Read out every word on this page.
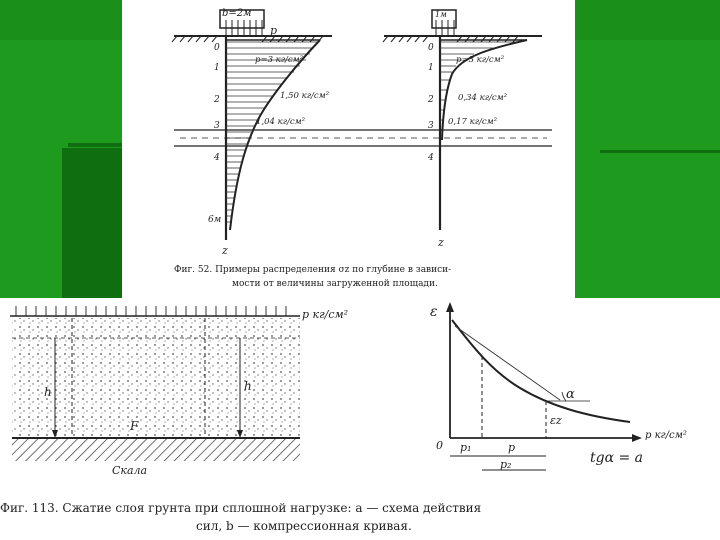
b=2м
p
0
1
2
3
4
6м
p=3 кг/см²
1,50 кг/см²
1,04 кг/см²
z
1м
0
1
2
3
4
p=3 кг/см²
0,34 кг/см²
0,17 кг/см²
z
Фиг. 52. Примеры распределения σz по глубине в зависи-
мости от величины загруженной площади.
p кг/см²
h	h
F
Скала
ε
p кг/см²
0
α
εz
p₁	p
p₂	tgα = a
Фиг. 113. Сжатие слоя грунта при сплошной нагрузке: a — схема действия
сил, b — компрессионная кривая.
